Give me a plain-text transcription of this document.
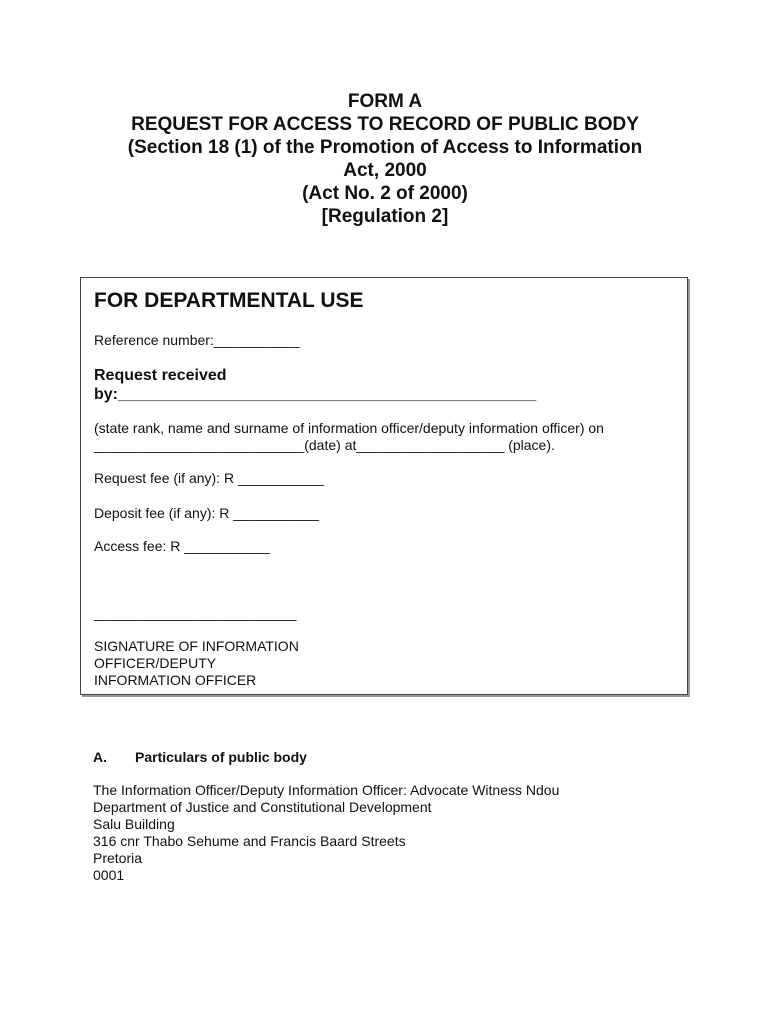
FORM A
REQUEST FOR ACCESS TO RECORD OF PUBLIC BODY
(Section 18 (1) of the Promotion of Access to Information
Act, 2000
(Act No. 2 of 2000)
[Regulation 2]
FOR DEPARTMENTAL USE
Reference number:___________
Request received
by:_______________________________________________
(state rank, name and surname of information officer/deputy information officer) on
___________________________(date) at___________________ (place).
Request fee (if any): R ___________
Deposit fee (if any): R ___________
Access fee: R ___________
__________________________
SIGNATURE OF INFORMATION
OFFICER/DEPUTY
INFORMATION OFFICER
A. Particulars of public body
The Information Officer/Deputy Information Officer: Advocate Witness Ndou
Department of Justice and Constitutional Development
Salu Building
316 cnr Thabo Sehume and Francis Baard Streets
Pretoria
0001
